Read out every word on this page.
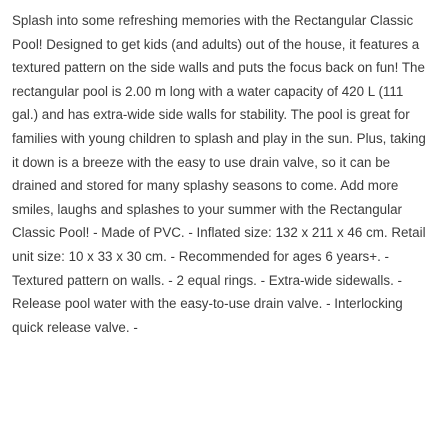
Splash into some refreshing memories with the Rectangular Classic Pool! Designed to get kids (and adults) out of the house, it features a textured pattern on the side walls and puts the focus back on fun! The rectangular pool is 2.00 m long with a water capacity of 420 L (111 gal.) and has extra-wide side walls for stability. The pool is great for families with young children to splash and play in the sun. Plus, taking it down is a breeze with the easy to use drain valve, so it can be drained and stored for many splashy seasons to come. Add more smiles, laughs and splashes to your summer with the Rectangular Classic Pool! - Made of PVC. - Inflated size: 132 x 211 x 46 cm. Retail unit size: 10 x 33 x 30 cm. - Recommended for ages 6 years+. - Textured pattern on walls. - 2 equal rings. - Extra-wide sidewalls. - Release pool water with the easy-to-use drain valve. - Interlocking quick release valve. -
